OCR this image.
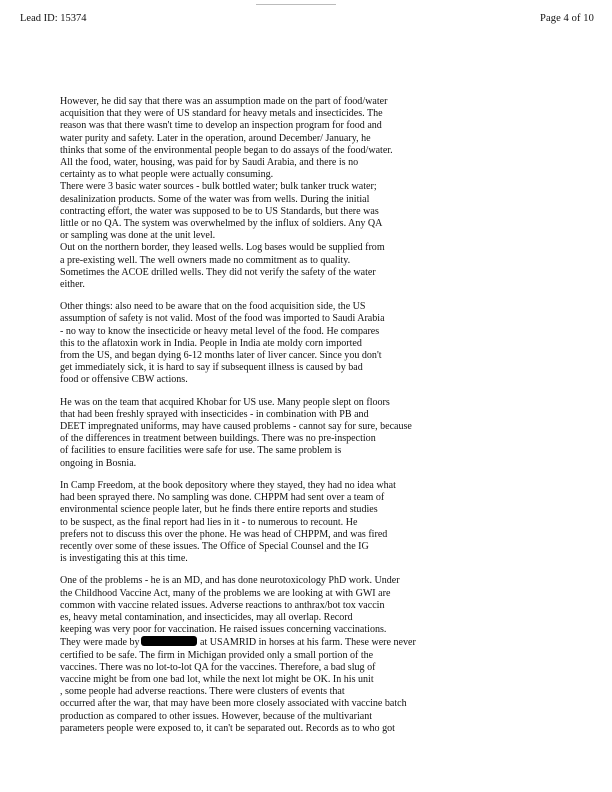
Lead ID: 15374	Page 4 of 10

However, he did say that there was an assumption made on the part of food/water
acquisition that they were of US standard for heavy metals and insecticides. The
reason was that there wasn't time to develop an inspection program for food and
water purity and safety. Later in the operation, around December/ January, he
thinks that some of the environmental people began to do assays of the food/water.
All the food, water, housing, was paid for by Saudi Arabia, and there is no
certainty as to what people were actually consuming.
There were 3 basic water sources - bulk bottled water; bulk tanker truck water;
desalinization products. Some of the water was from wells. During the initial
contracting effort, the water was supposed to be to US Standards, but there was
little or no QA. The system was overwhelmed by the influx of soldiers. Any QA
or sampling was done at the unit level.
Out on the northern border, they leased wells. Log bases would be supplied from
a pre-existing well. The well owners made no commitment as to quality.
Sometimes the ACOE drilled wells. They did not verify the safety of the water
either.

Other things: also need to be aware that on the food acquisition side, the US
assumption of safety is not valid. Most of the food was imported to Saudi Arabia
- no way to know the insecticide or heavy metal level of the food. He compares
this to the aflatoxin work in India. People in India ate moldy corn imported
from the US, and began dying 6-12 months later of liver cancer. Since you don't
get immediately sick, it is hard to say if subsequent illness is caused by bad
food or offensive CBW actions.

He was on the team that acquired Khobar for US use. Many people slept on floors
that had been freshly sprayed with insecticides - in combination with PB and
DEET impregnated uniforms, may have caused problems - cannot say for sure, because
of the differences in treatment between buildings. There was no pre-inspection
of facilities to ensure facilities were safe for use. The same problem is
ongoing in Bosnia.

In Camp Freedom, at the book depository where they stayed, they had no idea what
had been sprayed there. No sampling was done. CHPPM had sent over a team of
environmental science people later, but he finds there entire reports and studies
to be suspect, as the final report had lies in it - to numerous to recount. He
prefers not to discuss this over the phone. He was head of CHPPM, and was fired
recently over some of these issues. The Office of Special Counsel and the IG
is investigating this at this time.

One of the problems - he is an MD, and has done neurotoxicology PhD work. Under
the Childhood Vaccine Act, many of the problems we are looking at with GWI are
common with vaccine related issues. Adverse reactions to anthrax/bot tox vaccin
es, heavy metal contamination, and insecticides, may all overlap. Record
keeping was very poor for vaccination. He raised issues concerning vaccinations.
They were made by	at USAMRID in horses at his farm. These were never
certified to be safe. The firm in Michigan provided only a small portion of the
vaccines. There was no lot-to-lot QA for the vaccines. Therefore, a bad slug of
vaccine might be from one bad lot, while the next lot might be OK. In his unit
, some people had adverse reactions. There were clusters of events that
occurred after the war, that may have been more closely associated with vaccine batch
production as compared to other issues. However, because of the multivariant
parameters people were exposed to, it can't be separated out. Records as to who got
